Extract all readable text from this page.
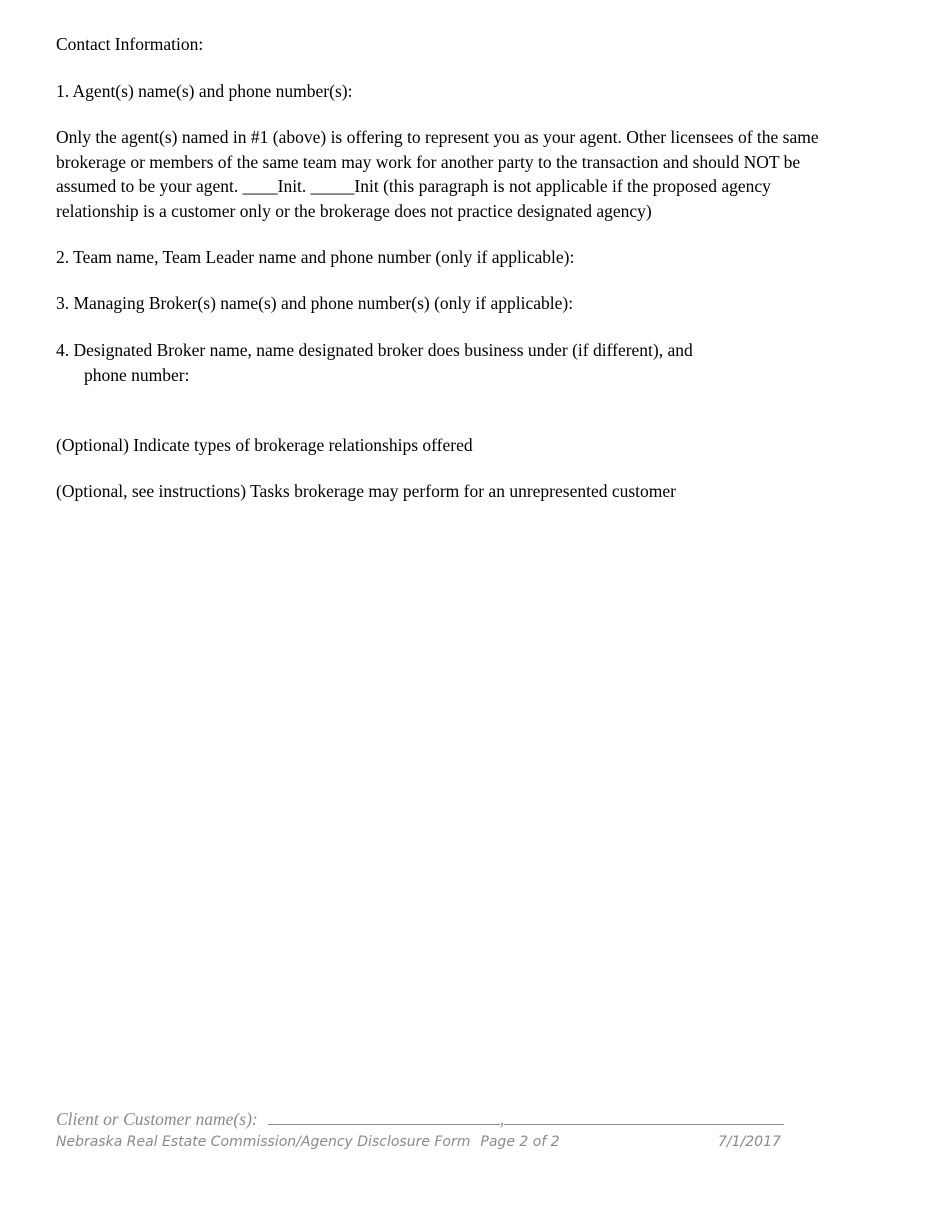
Contact Information:
1. Agent(s) name(s) and phone number(s):
Only the agent(s) named in #1 (above) is offering to represent you as your agent. Other licensees of the same
brokerage or members of the same team may work for another party to the transaction and should NOT be
assumed to be your agent. ____Init. _____Init (this paragraph is not applicable if the proposed agency
relationship is a customer only or the brokerage does not practice designated agency)
2. Team name, Team Leader name and phone number (only if applicable):
3. Managing Broker(s) name(s) and phone number(s) (only if applicable):
4. Designated Broker name, name designated broker does business under (if different), and
phone number:
(Optional) Indicate types of brokerage relationships offered
(Optional, see instructions) Tasks brokerage may perform for an unrepresented customer
Client or Customer name(s):	,
Nebraska Real Estate Commission/Agency Disclosure Form Page 2 of 2	7/1/2017
